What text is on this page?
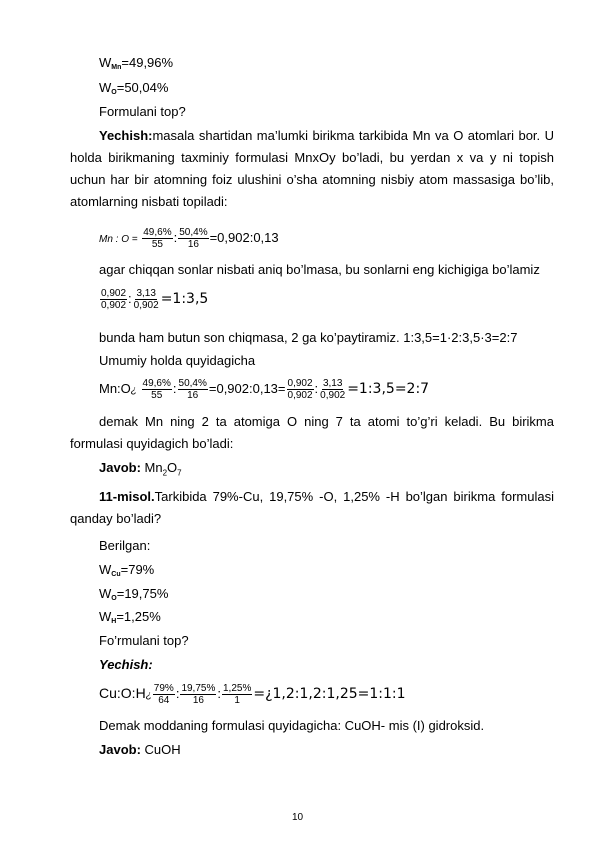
$W_{Mn}=49,96\%$
$W_O=50,04\%$
Formulani top?
Yechish:masala shartidan ma’lumki birikma tarkibida Mn va O atomlari bor. U holda birikmaning taxminiy formulasi MnxOy bo’ladi, bu yerdan x va y ni topish uchun har bir atomning foiz ulushini o’sha atomning nisbiy atom massasiga bo’lib, atomlarning nisbati topiladi:
Mn : $O = \frac{49,6\%}{55}$ : $\frac{50,4\%}{16}$ =0,902:0,13
agar chiqqan sonlar nisbati aniq bo’lmasa, bu sonlarni eng kichigiga bo’lamiz
$\frac{0,902}{0,902}$ : $\frac{3,13}{0,902}$ =1:3,5
bunda ham butun son chiqmasa, 2 ga ko’paytiramiz. 1:3,5=1·2:3,5·3=2:7
Umumiy holda quyidagicha
Mn:O¿ $\frac{49,6\%}{55}$ : $\frac{50,4\%}{16}$ =0,902:0,13= $\frac{0,902}{0,902}$ : $\frac{3,13}{0,902}$ =1:3,5=2:7
demak Mn ning 2 ta atomiga O ning 7 ta atomi to’g’ri keladi. Bu birikma formulasi quyidagich bo’ladi:
Javob: $Mn_2O_7$
11-misol.Tarkibida 79%-Cu, 19,75% -O, 1,25% -H bo’lgan birikma formulasi qanday bo’ladi?
Berilgan:
$W_{Cu}=79\%$
$W_O=19,75\%$
$W_H=1,25\%$
Fo’rmulani top?
Yechish:
Cu:O:H¿ $\frac{79\%}{64}$ : $\frac{19,75\%}{16}$ : $\frac{1,25\%}{1}$ =¿1,2:1,2:1,25=1:1:1
Demak moddaning formulasi quyidagicha: CuOH- mis (I) gidroksid.
Javob: CuOH
10
